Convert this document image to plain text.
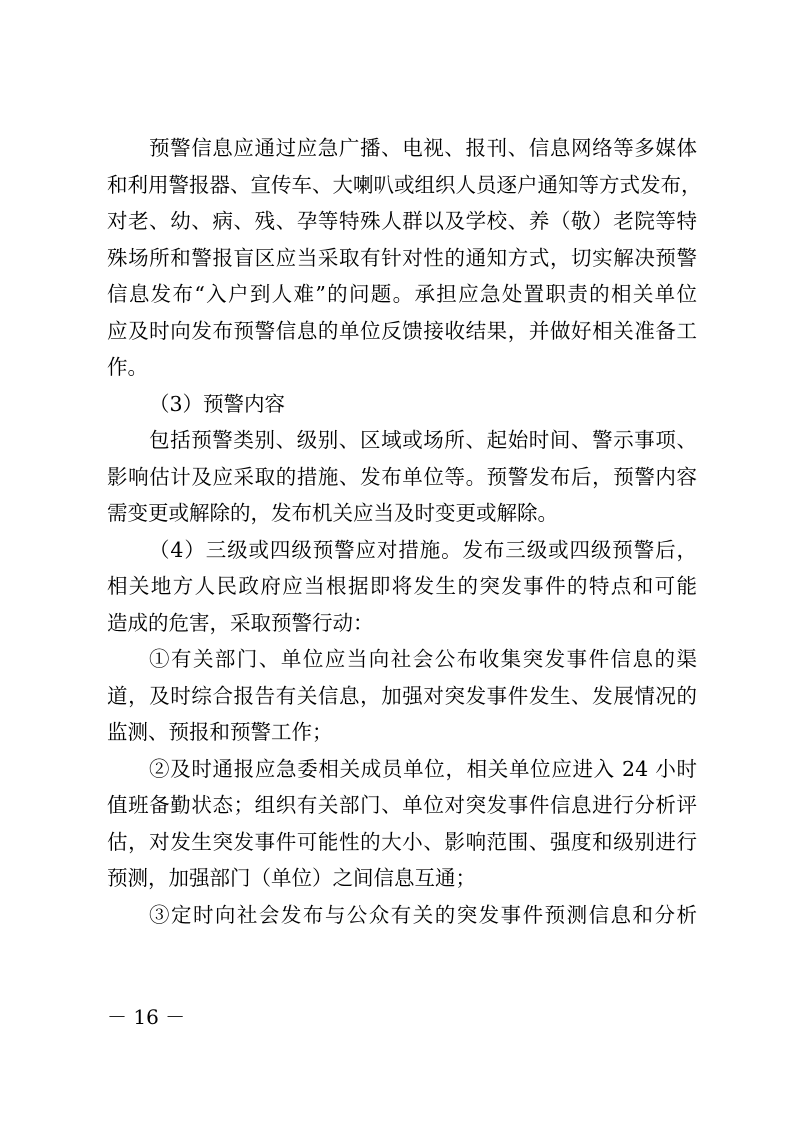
预警信息应通过应急广播、电视、报刊、信息网络等多媒体
和利用警报器、宣传车、大喇叭或组织人员逐户通知等方式发布，
对老、幼、病、残、孕等特殊人群以及学校、养（敬）老院等特
殊场所和警报盲区应当采取有针对性的通知方式，切实解决预警
信息发布“入户到人难”的问题。承担应急处置职责的相关单位
应及时向发布预警信息的单位反馈接收结果，并做好相关准备工
作。
（3）预警内容
包括预警类别、级别、区域或场所、起始时间、警示事项、
影响估计及应采取的措施、发布单位等。预警发布后，预警内容
需变更或解除的，发布机关应当及时变更或解除。
（4）三级或四级预警应对措施。发布三级或四级预警后，
相关地方人民政府应当根据即将发生的突发事件的特点和可能
造成的危害，采取预警行动：
①有关部门、单位应当向社会公布收集突发事件信息的渠
道，及时综合报告有关信息，加强对突发事件发生、发展情况的
监测、预报和预警工作；
②及时通报应急委相关成员单位，相关单位应进入 24 小时
值班备勤状态；组织有关部门、单位对突发事件信息进行分析评
估，对发生突发事件可能性的大小、影响范围、强度和级别进行
预测，加强部门（单位）之间信息互通；
③定时向社会发布与公众有关的突发事件预测信息和分析
－ 16 －
